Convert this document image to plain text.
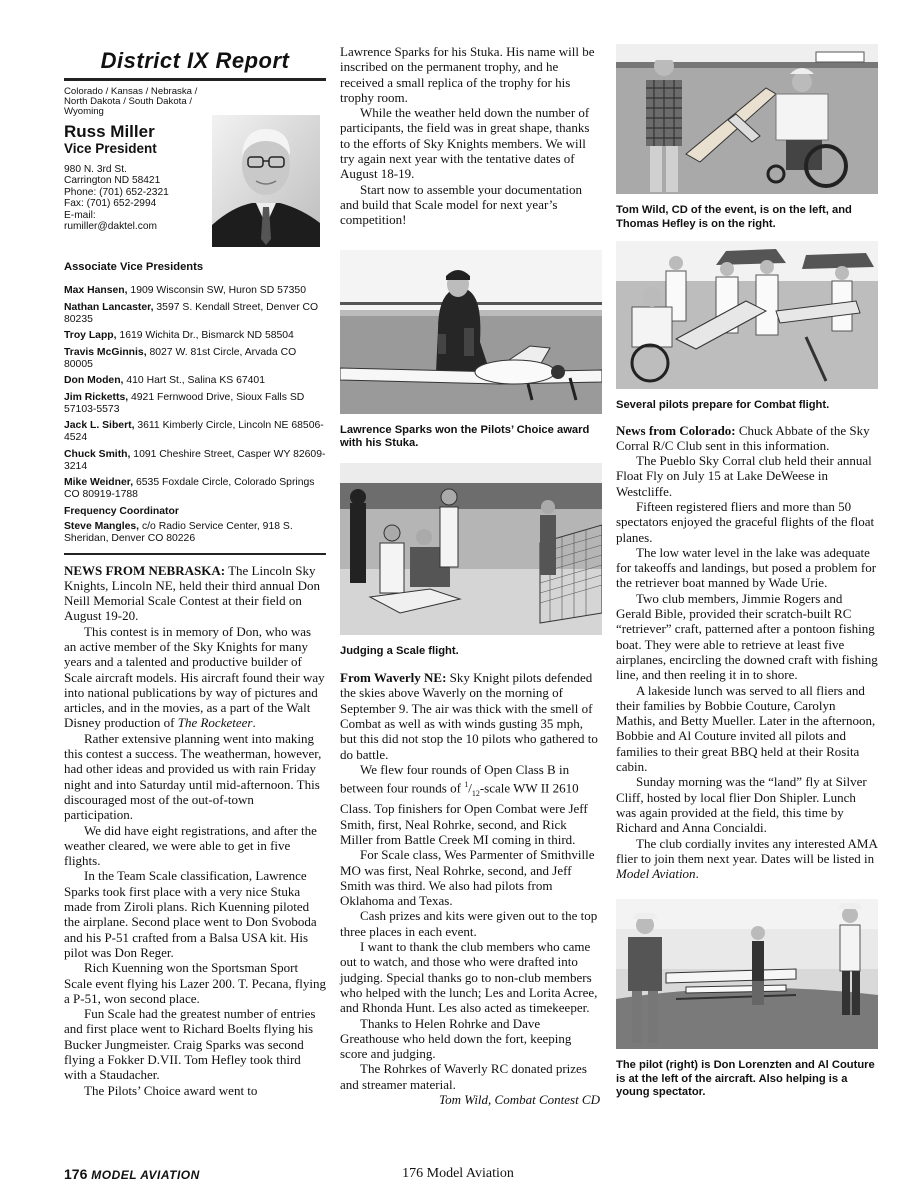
District IX Report
Colorado / Kansas / Nebraska / North Dakota / South Dakota / Wyoming
Russ Miller
Vice President
980 N. 3rd St.
Carrington ND 58421
Phone: (701) 652-2321
Fax: (701) 652-2994
E-mail:
rumiller@daktel.com
Associate Vice Presidents
Max Hansen, 1909 Wisconsin SW, Huron SD 57350
Nathan Lancaster, 3597 S. Kendall Street, Denver CO 80235
Troy Lapp, 1619 Wichita Dr., Bismarck ND 58504
Travis McGinnis, 8027 W. 81st Circle, Arvada CO 80005
Don Moden, 410 Hart St., Salina KS 67401
Jim Ricketts, 4921 Fernwood Drive, Sioux Falls SD 57103-5573
Jack L. Sibert, 3611 Kimberly Circle, Lincoln NE 68506-4524
Chuck Smith, 1091 Cheshire Street, Casper WY 82609-3214
Mike Weidner, 6535 Foxdale Circle, Colorado Springs CO 80919-1788
Frequency Coordinator
Steve Mangles, c/o Radio Service Center, 918 S. Sheridan, Denver CO 80226

NEWS FROM NEBRASKA: The Lincoln Sky Knights, Lincoln NE, held their third annual Don Neill Memorial Scale Contest at their field on August 19-20.

This contest is in memory of Don, who was an active member of the Sky Knights for many years and a talented and productive builder of Scale aircraft models. His aircraft found their way into national publications by way of pictures and articles, and in the movies, as a part of the Walt Disney production of The Rocketeer.

Rather extensive planning went into making this contest a success. The weatherman, however, had other ideas and provided us with rain Friday night and into Saturday until mid-afternoon. This discouraged most of the out-of-town participation.

We did have eight registrations, and after the weather cleared, we were able to get in five flights.

In the Team Scale classification, Lawrence Sparks took first place with a very nice Stuka made from Ziroli plans. Rich Kuenning piloted the airplane. Second place went to Don Svoboda and his P-51 crafted from a Balsa USA kit. His pilot was Don Reger.

Rich Kuenning won the Sportsman Sport Scale event flying his Lazer 200. T. Pecana, flying a P-51, won second place.

Fun Scale had the greatest number of entries and first place went to Richard Boelts flying his Bucker Jungmeister. Craig Sparks was second flying a Fokker D.VII. Tom Hefley took third with a Staudacher.

The Pilots’ Choice award went to

Lawrence Sparks for his Stuka. His name will be inscribed on the permanent trophy, and he received a small replica of the trophy for his trophy room.

While the weather held down the number of participants, the field was in great shape, thanks to the efforts of Sky Knights members. We will try again next year with the tentative dates of August 18-19.

Start now to assemble your documentation and build that Scale model for next year’s competition!

Lawrence Sparks won the Pilots’ Choice award with his Stuka.
Judging a Scale flight.

From Waverly NE: Sky Knight pilots defended the skies above Waverly on the morning of September 9. The air was thick with the smell of Combat as well as with winds gusting 35 mph, but this did not stop the 10 pilots who gathered to do battle.

We flew four rounds of Open Class B in between four rounds of $^1/_{12}$-scale WW II 2610 Class. Top finishers for Open Combat were Jeff Smith, first, Neal Rohrke, second, and Rick Miller from Battle Creek MI coming in third.

For Scale class, Wes Parmenter of Smithville MO was first, Neal Rohrke, second, and Jeff Smith was third. We also had pilots from Oklahoma and Texas.

Cash prizes and kits were given out to the top three places in each event.

I want to thank the club members who came out to watch, and those who were drafted into judging. Special thanks go to non-club members who helped with the lunch; Les and Lorita Acree, and Rhonda Hunt. Les also acted as timekeeper.

Thanks to Helen Rohrke and Dave Greathouse who held down the fort, keeping score and judging.

The Rohrkes of Waverly RC donated prizes and streamer material.

Tom Wild, Combat Contest CD
Tom Wild, CD of the event, is on the left, and Thomas Hefley is on the right.
Several pilots prepare for Combat flight.

News from Colorado: Chuck Abbate of the Sky Corral R/C Club sent in this information.

The Pueblo Sky Corral club held their annual Float Fly on July 15 at Lake DeWeese in Westcliffe.

Fifteen registered fliers and more than 50 spectators enjoyed the graceful flights of the float planes.

The low water level in the lake was adequate for takeoffs and landings, but posed a problem for the retriever boat manned by Wade Urie.

Two club members, Jimmie Rogers and Gerald Bible, provided their scratch-built RC “retriever” craft, patterned after a pontoon fishing boat. They were able to retrieve at least five airplanes, encircling the downed craft with fishing line, and then reeling it in to shore.

A lakeside lunch was served to all fliers and their families by Bobbie Couture, Carolyn Mathis, and Betty Mueller. Later in the afternoon, Bobbie and Al Couture invited all pilots and families to their great BBQ held at their Rosita cabin.

Sunday morning was the “land” fly at Silver Cliff, hosted by local flier Don Shipler. Lunch was again provided at the field, this time by Richard and Anna Concialdi.

The club cordially invites any interested AMA flier to join them next year. Dates will be listed in Model Aviation.

The pilot (right) is Don Lorenzten and Al Couture is at the left of the aircraft. Also helping is a young spectator.
176 MODEL AVIATION	176 Model Aviation
